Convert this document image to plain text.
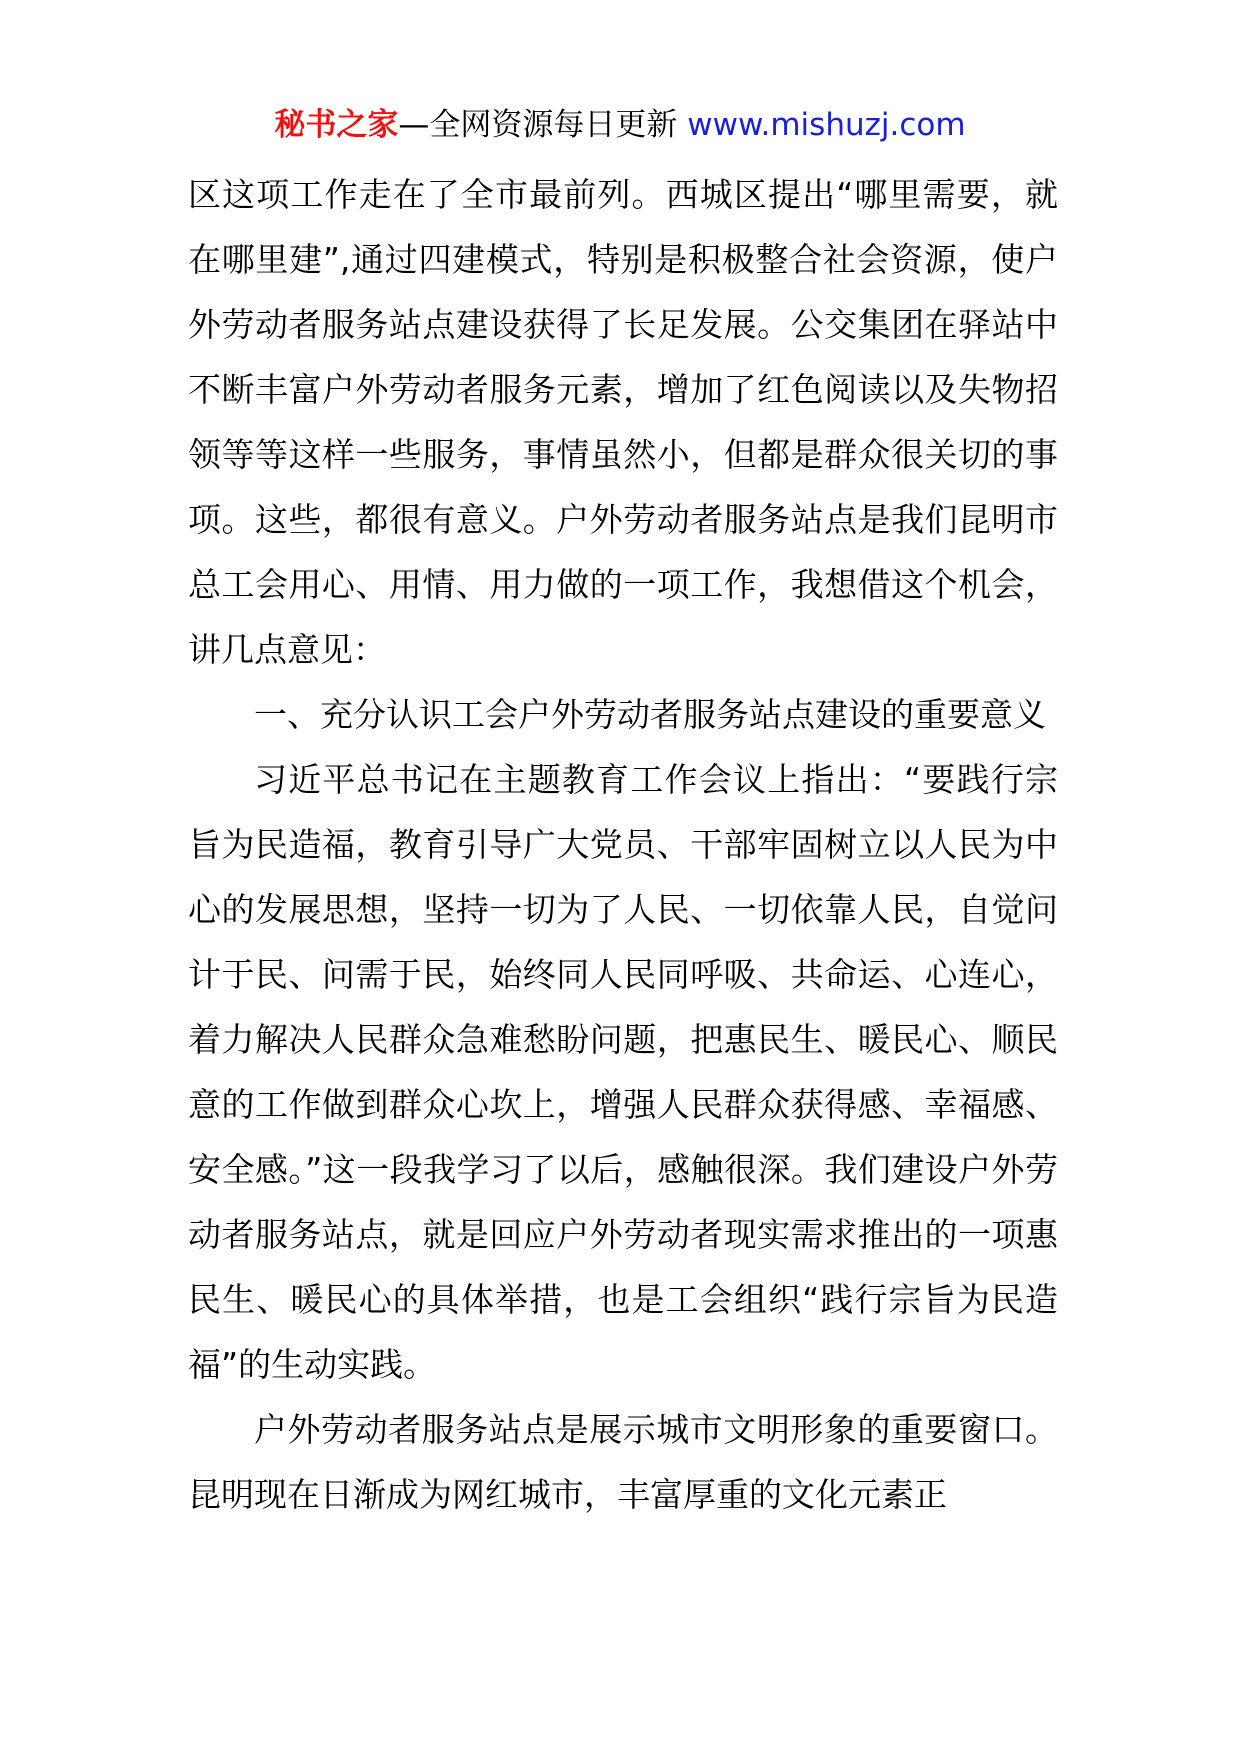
秘书之家—全网资源每日更新 www.mishuzj.com

区这项工作走在了全市最前列。西城区提出“哪里需要，就在哪里建”,通过四建模式，特别是积极整合社会资源，使户外劳动者服务站点建设获得了长足发展。公交集团在驿站中不断丰富户外劳动者服务元素，增加了红色阅读以及失物招领等等这样一些服务，事情虽然小，但都是群众很关切的事项。这些，都很有意义。户外劳动者服务站点是我们昆明市总工会用心、用情、用力做的一项工作，我想借这个机会，讲几点意见：

一、充分认识工会户外劳动者服务站点建设的重要意义

习近平总书记在主题教育工作会议上指出：“要践行宗旨为民造福，教育引导广大党员、干部牢固树立以人民为中心的发展思想，坚持一切为了人民、一切依靠人民，自觉问计于民、问需于民，始终同人民同呼吸、共命运、心连心，着力解决人民群众急难愁盼问题，把惠民生、暖民心、顺民意的工作做到群众心坎上，增强人民群众获得感、幸福感、安全感。”这一段我学习了以后，感触很深。我们建设户外劳动者服务站点，就是回应户外劳动者现实需求推出的一项惠民生、暖民心的具体举措，也是工会组织“践行宗旨为民造福”的生动实践。

户外劳动者服务站点是展示城市文明形象的重要窗口。昆明现在日渐成为网红城市，丰富厚重的文化元素正
